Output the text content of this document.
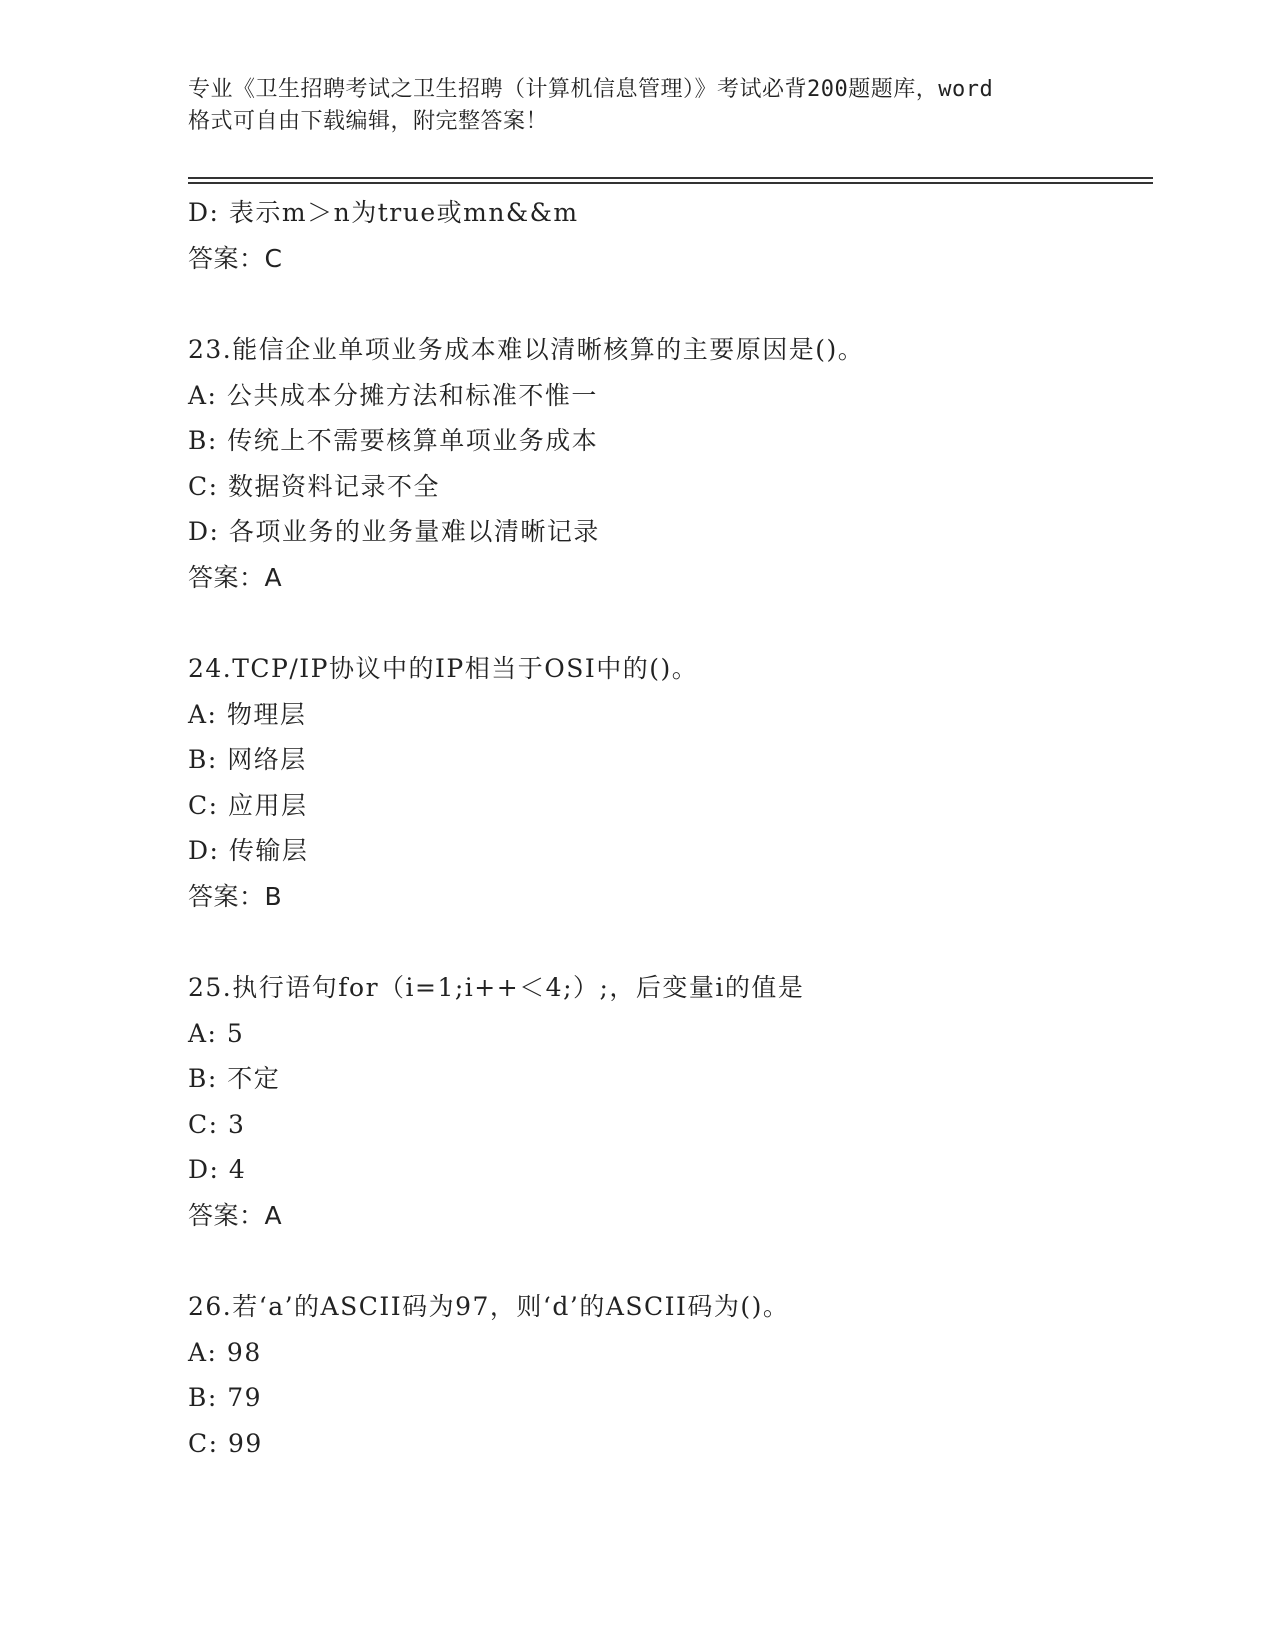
专业《卫生招聘考试之卫生招聘（计算机信息管理）》考试必背200题题库，word
格式可自由下载编辑，附完整答案！
D: 表示m＞n为true或mn&&m
答案：C
23.能信企业单项业务成本难以清晰核算的主要原因是()。
A: 公共成本分摊方法和标准不惟一
B: 传统上不需要核算单项业务成本
C: 数据资料记录不全
D: 各项业务的业务量难以清晰记录
答案：A
24.TCP/IP协议中的IP相当于OSI中的()。
A: 物理层
B: 网络层
C: 应用层
D: 传输层
答案：B
25.执行语句for（i=1;i++＜4;）;，后变量i的值是
A: 5
B: 不定
C: 3
D: 4
答案：A
26.若‘a’的ASCII码为97，则‘d’的ASCII码为()。
A: 98
B: 79
C: 99
